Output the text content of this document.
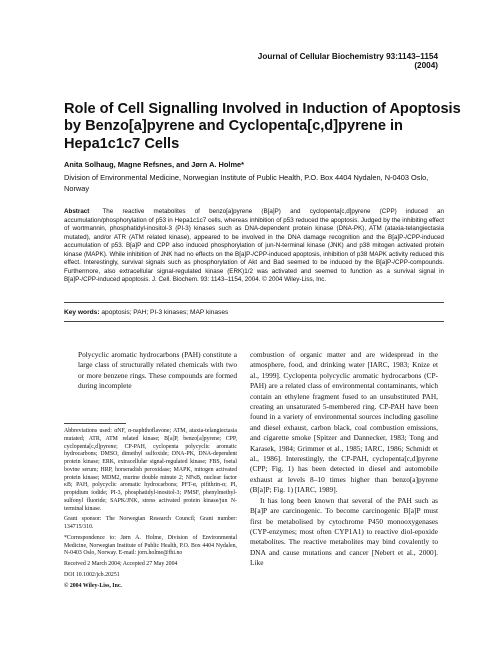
Journal of Cellular Biochemistry 93:1143–1154 (2004)
Role of Cell Signalling Involved in Induction of Apoptosis by Benzo[a]pyrene and Cyclopenta[c,d]pyrene in Hepa1c1c7 Cells
Anita Solhaug, Magne Refsnes, and Jørn A. Holme*
Division of Environmental Medicine, Norwegian Institute of Public Health, P.O. Box 4404 Nydalen, N-0403 Oslo, Norway
Abstract The reactive metabolites of benzo[a]pyrene (B[a]P) and cyclopenta[c,d]pyrene (CPP) induced an accumulation/phosphorylation of p53 in Hepa1c1c7 cells, whereas inhibition of p53 reduced the apoptosis. Judged by the inhibiting effect of wortmannin, phosphatidyl-inositol-3 (PI-3) kinases such as DNA-dependent protein kinase (DNA-PK), ATM (ataxia-telangiectasia mutated), and/or ATR (ATM related kinase), appeared to be involved in the DNA damage recognition and the B[a]P-/CPP-induced accumulation of p53. B[a]P and CPP also induced phosphorylation of jun-N-terminal kinase (JNK) and p38 mitogen activated protein kinase (MAPK). While inhibition of JNK had no effects on the B[a]P-/CPP-induced apoptosis, inhibition of p38 MAPK activity reduced this effect. Interestingly, survival signals such as phosphorylation of Akt and Bad seemed to be induced by the B[a]P-/CPP-compounds. Furthermore, also extracellular signal-regulated kinase (ERK)1/2 was activated and seemed to function as a survival signal in B[a]P-/CPP-induced apoptosis. J. Cell. Biochem. 93: 1143–1154, 2004. © 2004 Wiley-Liss, Inc.
Key words: apoptosis; PAH; PI-3 kinases; MAP kinases
Polycyclic aromatic hydrocarbons (PAH) constitute a large class of structurally related chemicals with two or more benzene rings. These compounds are formed during incomplete

Abbreviations used: αNF, α-naphthoflavone; ATM, ataxia-telangiectasia mutated; ATR, ATM related kinase; B[a]P, benzo[a]pyrene; CPP, cyclopenta[c,d]pyrene; CP-PAH, cyclopenta polycyclic aromatic hydrocarbons; DMSO, dimethyl sulfoxide; DNA-PK, DNA-dependent protein kinase; ERK, extracellular signal-regulated kinase; FBS, foetal bovine serum; HRP, horseradish peroxidase; MAPK, mitogen activated protein kinase; MDM2, murine double minute 2; NFκB, nuclear factor κB; PAH, polycyclic aromatic hydrocarbons; PFT-α, pifithrin-α; PI, propidium iodide; PI-3, phosphatidyl-inositol-3; PMSF, phenylmethyl-sulfonyl fluoride; SAPK/JNK, stress activated protein kinase/jun N-terminal kinase.

Grant sponsor: The Norwegian Research Council; Grant number: 134715/310.

*Correspondence to: Jørn A. Holme, Division of Environmental Medicine, Norwegian Institute of Public Health, P.O. Box 4404 Nydalen, N-0403 Oslo, Norway. E-mail: jorn.holme@fhi.no

Received 2 March 2004; Accepted 27 May 2004

DOI 10.1002/jcb.20251

© 2004 Wiley-Liss, Inc.

combustion of organic matter and are widespread in the atmosphere, food, and drinking water [IARC, 1983; Knize et al., 1999]. Cyclopenta polycyclic aromatic hydrocarbons (CP-PAH) are a related class of environmental contaminants, which contain an ethylene fragment fused to an unsubstituted PAH, creating an unsaturated 5-membered ring. CP-PAH have been found in a variety of environmental sources including gasoline and diesel exhaust, carbon black, coal combustion emissions, and cigarette smoke [Spitzer and Dannecker, 1983; Tong and Karasek, 1984; Grimmer et al., 1985; IARC, 1986; Schmidt et al., 1986]. Interestingly, the CP-PAH, cyclopenta[c,d]pyrene (CPP; Fig. 1) has been detected in diesel and automobile exhaust at levels 8–10 times higher than benzo[a]pyrene (B[a]P; Fig. 1) [IARC, 1989].

It has long been known that several of the PAH such as B[a]P are carcinogenic. To become carcinogenic B[a]P must first be metabolised by cytochrome P450 monooxygenases (CYP-enzymes; most often CYP1A1) to reactive diol-epoxide metabolites. The reactive metabolites may bind covalently to DNA and cause mutations and cancer [Nebert et al., 2000]. Like
